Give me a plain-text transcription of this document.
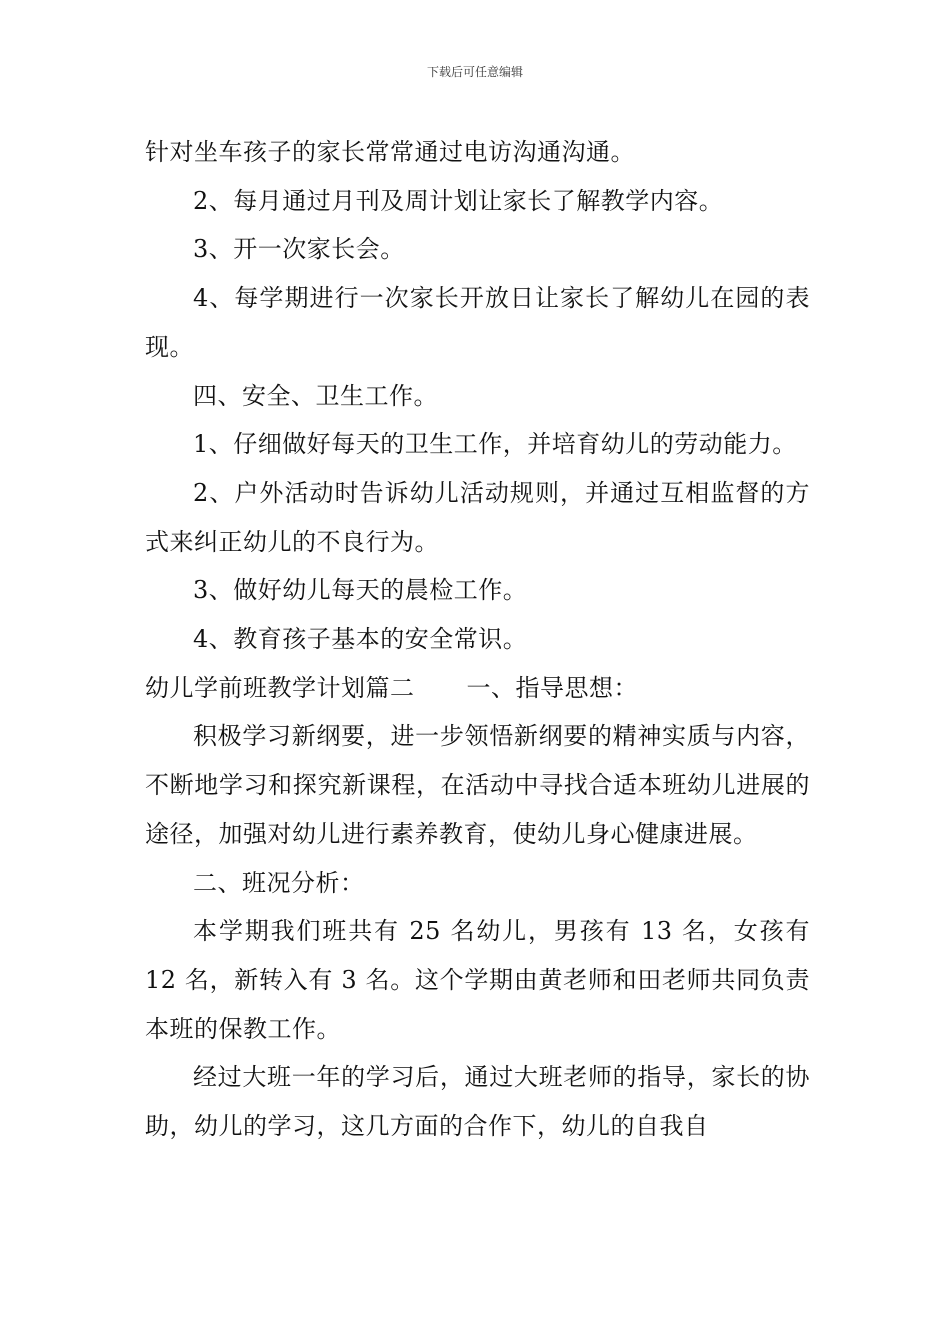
下载后可任意编辑

针对坐车孩子的家长常常通过电访沟通沟通。

2、每月通过月刊及周计划让家长了解教学内容。

3、开一次家长会。

4、每学期进行一次家长开放日让家长了解幼儿在园的表现。

四、安全、卫生工作。

1、仔细做好每天的卫生工作，并培育幼儿的劳动能力。

2、户外活动时告诉幼儿活动规则，并通过互相监督的方式来纠正幼儿的不良行为。

3、做好幼儿每天的晨检工作。

4、教育孩子基本的安全常识。

幼儿学前班教学计划篇二 一、指导思想：

积极学习新纲要，进一步领悟新纲要的精神实质与内容，不断地学习和探究新课程，在活动中寻找合适本班幼儿进展的途径，加强对幼儿进行素养教育，使幼儿身心健康进展。

二、班况分析：

本学期我们班共有 25 名幼儿，男孩有 13 名，女孩有 12 名，新转入有 3 名。这个学期由黄老师和田老师共同负责本班的保教工作。

经过大班一年的学习后，通过大班老师的指导，家长的协助，幼儿的学习，这几方面的合作下，幼儿的自我自
